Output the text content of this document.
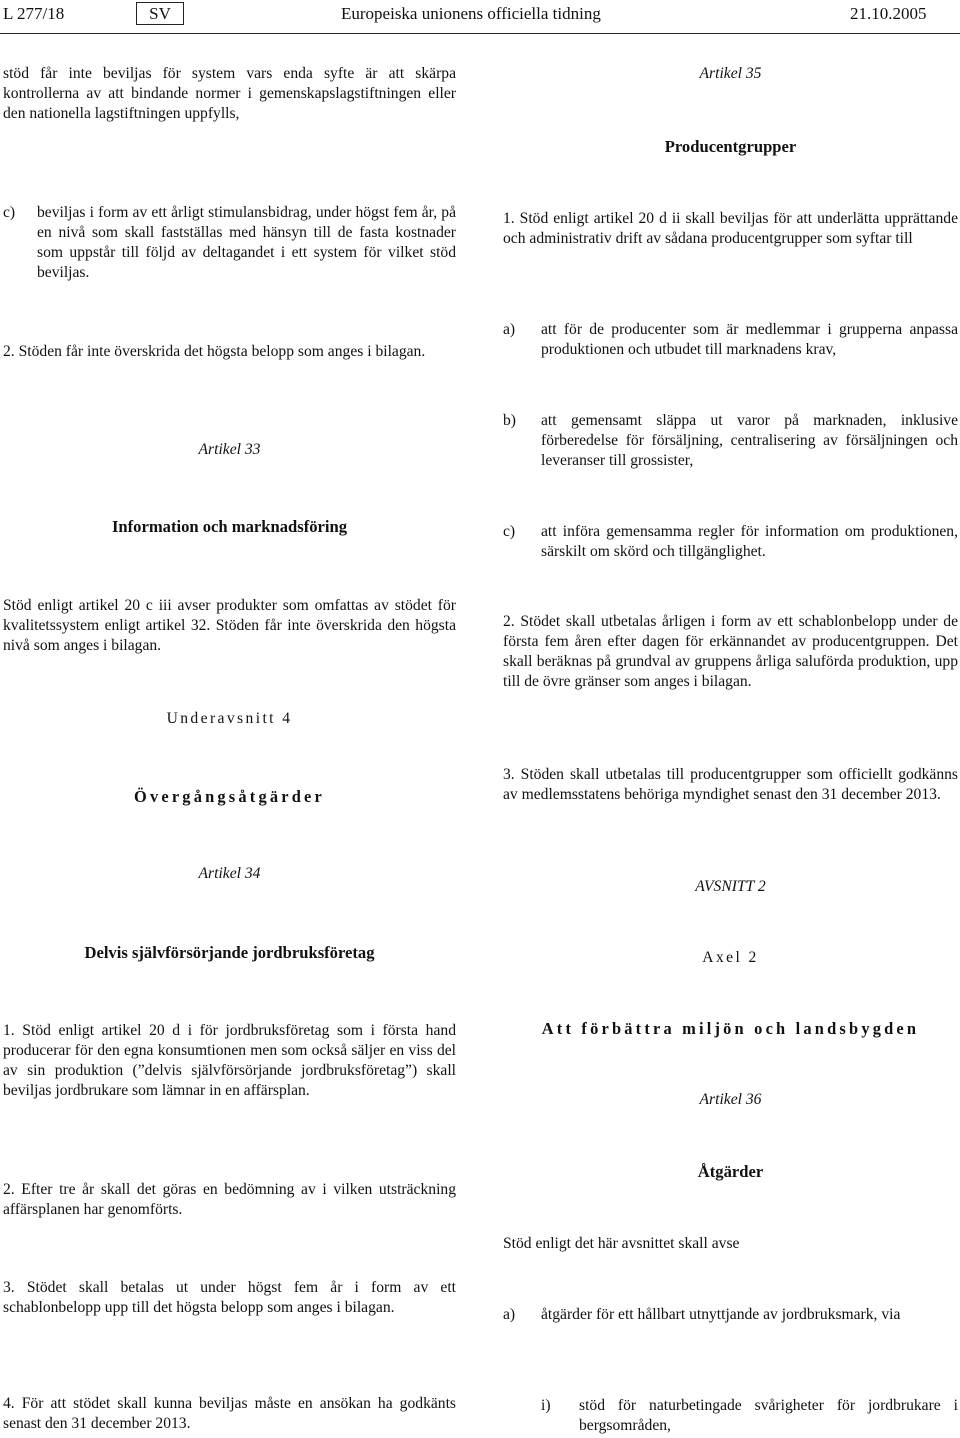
L 277/18	SV	Europeiska unionens officiella tidning	21.10.2005
stöd får inte beviljas för system vars enda syfte är att skärpa kontrollerna av att bindande normer i gemenskapslagstiftningen eller den nationella lagstiftningen uppfylls,
c) beviljas i form av ett årligt stimulansbidrag, under högst fem år, på en nivå som skall fastställas med hänsyn till de fasta kostnader som uppstår till följd av deltagandet i ett system för vilket stöd beviljas.
2. Stöden får inte överskrida det högsta belopp som anges i bilagan.
Artikel 33
Information och marknadsföring
Stöd enligt artikel 20 c iii avser produkter som omfattas av stödet för kvalitetssystem enligt artikel 32. Stöden får inte överskrida den högsta nivå som anges i bilagan.
Underavsnitt 4
Övergångsåtgärder
Artikel 34
Delvis självförsörjande jordbruksföretag
1. Stöd enligt artikel 20 d i för jordbruksföretag som i första hand producerar för den egna konsumtionen men som också säljer en viss del av sin produktion (”delvis självförsörjande jordbruksföretag”) skall beviljas jordbrukare som lämnar in en affärsplan.
2. Efter tre år skall det göras en bedömning av i vilken utsträckning affärsplanen har genomförts.
3. Stödet skall betalas ut under högst fem år i form av ett schablonbelopp upp till det högsta belopp som anges i bilagan.
4. För att stödet skall kunna beviljas måste en ansökan ha godkänts senast den 31 december 2013.
Artikel 35
Producentgrupper
1. Stöd enligt artikel 20 d ii skall beviljas för att underlätta upprättande och administrativ drift av sådana producentgrupper som syftar till
a) att för de producenter som är medlemmar i grupperna anpassa produktionen och utbudet till marknadens krav,
b) att gemensamt släppa ut varor på marknaden, inklusive förberedelse för försäljning, centralisering av försäljningen och leveranser till grossister,
c) att införa gemensamma regler för information om produktionen, särskilt om skörd och tillgänglighet.
2. Stödet skall utbetalas årligen i form av ett schablonbelopp under de första fem åren efter dagen för erkännandet av producentgruppen. Det skall beräknas på grundval av gruppens årliga saluförda produktion, upp till de övre gränser som anges i bilagan.
3. Stöden skall utbetalas till producentgrupper som officiellt godkänns av medlemsstatens behöriga myndighet senast den 31 december 2013.
AVSNITT 2
Axel 2
Att förbättra miljön och landsbygden
Artikel 36
Åtgärder
Stöd enligt det här avsnittet skall avse
a) åtgärder för ett hållbart utnyttjande av jordbruksmark, via
i) stöd för naturbetingade svårigheter för jordbrukare i bergsområden,
